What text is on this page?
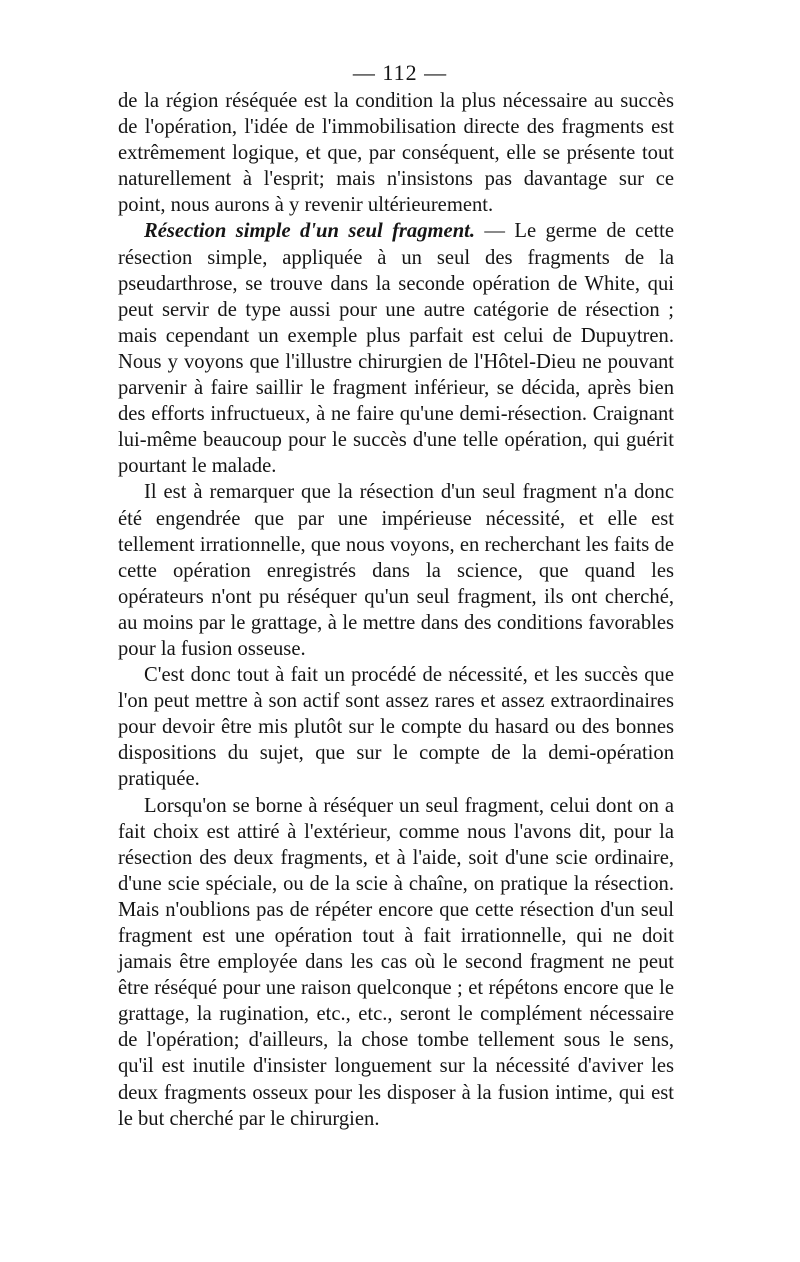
— 112 —

de la région réséquée est la condition la plus nécessaire au succès de l'opération, l'idée de l'immobilisation directe des fragments est extrêmement logique, et que, par conséquent, elle se présente tout naturellement à l'esprit; mais n'insistons pas davantage sur ce point, nous aurons à y revenir ultérieurement.

Résection simple d'un seul fragment. — Le germe de cette résection simple, appliquée à un seul des fragments de la pseudarthrose, se trouve dans la seconde opération de White, qui peut servir de type aussi pour une autre catégorie de résection ; mais cependant un exemple plus parfait est celui de Dupuytren. Nous y voyons que l'illustre chirurgien de l'Hôtel-Dieu ne pouvant parvenir à faire saillir le fragment inférieur, se décida, après bien des efforts infructueux, à ne faire qu'une demi-résection. Craignant lui-même beaucoup pour le succès d'une telle opération, qui guérit pourtant le malade.

Il est à remarquer que la résection d'un seul fragment n'a donc été engendrée que par une impérieuse nécessité, et elle est tellement irrationnelle, que nous voyons, en recherchant les faits de cette opération enregistrés dans la science, que quand les opérateurs n'ont pu réséquer qu'un seul fragment, ils ont cherché, au moins par le grattage, à le mettre dans des conditions favorables pour la fusion osseuse.

C'est donc tout à fait un procédé de nécessité, et les succès que l'on peut mettre à son actif sont assez rares et assez extraordinaires pour devoir être mis plutôt sur le compte du hasard ou des bonnes dispositions du sujet, que sur le compte de la demi-opération pratiquée.

Lorsqu'on se borne à réséquer un seul fragment, celui dont on a fait choix est attiré à l'extérieur, comme nous l'avons dit, pour la résection des deux fragments, et à l'aide, soit d'une scie ordinaire, d'une scie spéciale, ou de la scie à chaîne, on pratique la résection. Mais n'oublions pas de répéter encore que cette résection d'un seul fragment est une opération tout à fait irrationnelle, qui ne doit jamais être employée dans les cas où le second fragment ne peut être réséqué pour une raison quelconque ; et répétons encore que le grattage, la rugination, etc., etc., seront le complément nécessaire de l'opération; d'ailleurs, la chose tombe tellement sous le sens, qu'il est inutile d'insister longuement sur la nécessité d'aviver les deux fragments osseux pour les disposer à la fusion intime, qui est le but cherché par le chirurgien.
